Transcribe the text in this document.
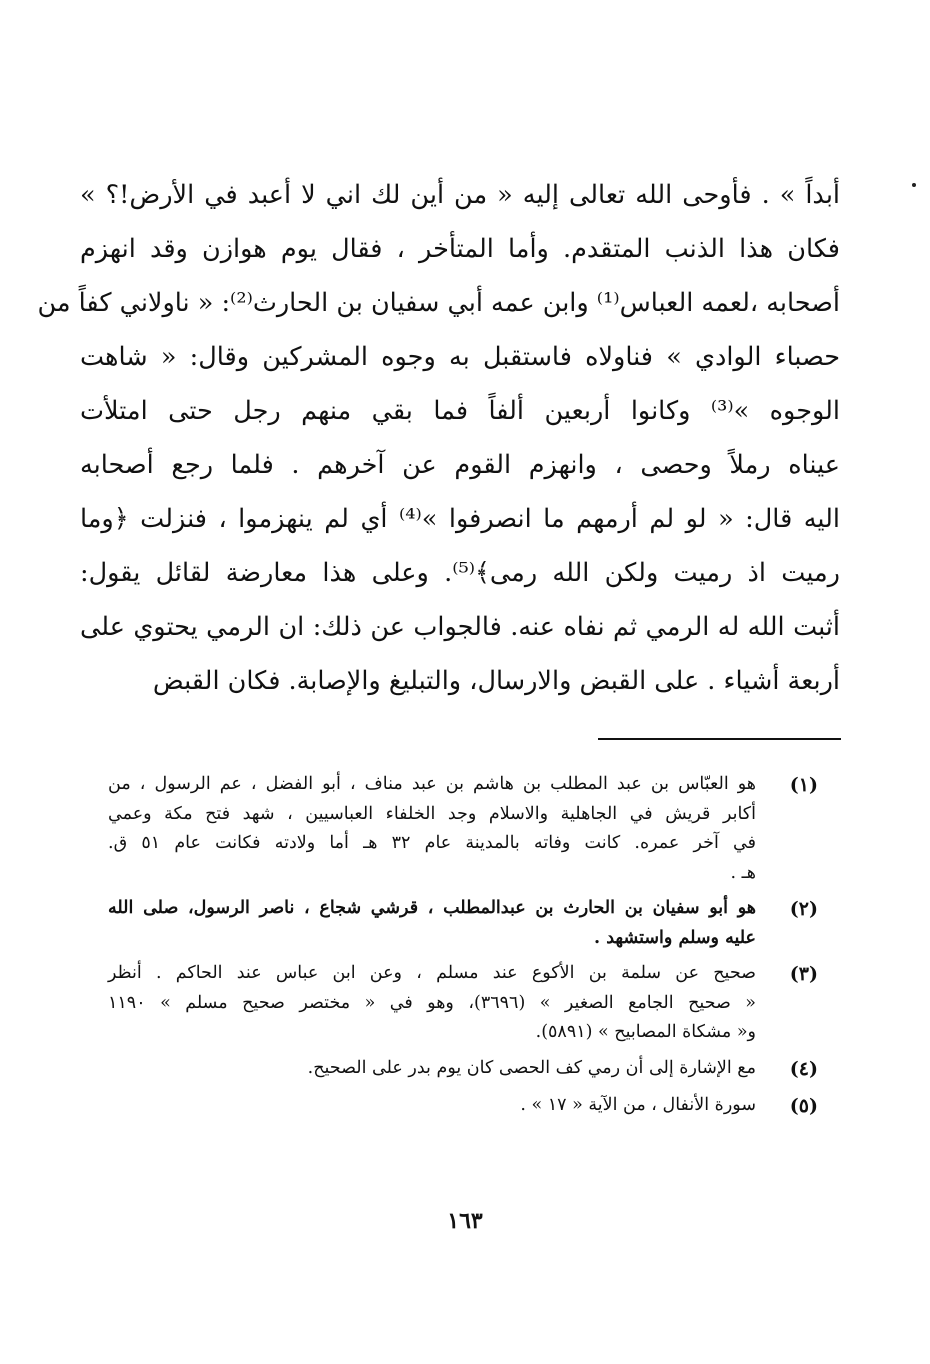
أبداً » . فأوحى الله تعالى إليه « من أين لك اني لا أعبد في الأرض!؟ »
فكان هذا الذنب المتقدم. وأما المتأخر ، فقال يوم هوازن وقد انهزم
أصحابه ،لعمه العباس⁽¹⁾ وابن عمه أبي سفيان بن الحارث⁽²⁾: « ناولاني كفاً من
حصباء الوادي » فناولاه فاستقبل به وجوه المشركين وقال: « شاهت
الوجوه »⁽³⁾ وكانوا أربعين ألفاً فما بقي منهم رجل حتى امتلأت
عيناه رملاً وحصى ، وانهزم القوم عن آخرهم . فلما رجع أصحابه
اليه قال: « لو لم أرمهم ما انصرفوا »⁽⁴⁾ أي لم ينهزموا ، فنزلت ﴿وما
رميت اذ رميت ولكن الله رمى﴾⁽⁵⁾. وعلى هذا معارضة لقائل يقول:
أثبت الله له الرمي ثم نفاه عنه. فالجواب عن ذلك: ان الرمي يحتوي على
أربعة أشياء . على القبض والارسال، والتبليغ والإصابة. فكان القبض
(١)
هو العبّاس بن عبد المطلب بن هاشم بن عبد مناف ، أبو الفضل ، عم الرسول ، من
أكابر قريش في الجاهلية والاسلام وجد الخلفاء العباسيين ، شهد فتح مكة وعمي
في آخر عمره. كانت وفاته بالمدينة عام ٣٢ هـ أما ولادته فكانت عام ٥١ ق.
هـ .
(٢)
هو أبو سفيان بن الحارث بن عبدالمطلب ، قرشي شجاع ، ناصر الرسول، صلى الله
عليه وسلم واستشهد .
(٣)
صحيح عن سلمة بن الأكوع عند مسلم ، وعن ابن عباس عند الحاكم . أنظر
« صحيح الجامع الصغير » (٣٦٩٦)، وهو في « مختصر صحيح مسلم » ١١٩٠
و« مشكاة المصابيح » (٥٨٩١).
(٤)
مع الإشارة إلى أن رمي كف الحصى كان يوم بدر على الصحيح.
(٥)
سورة الأنفال ، من الآية « ١٧ » .
١٦٣
